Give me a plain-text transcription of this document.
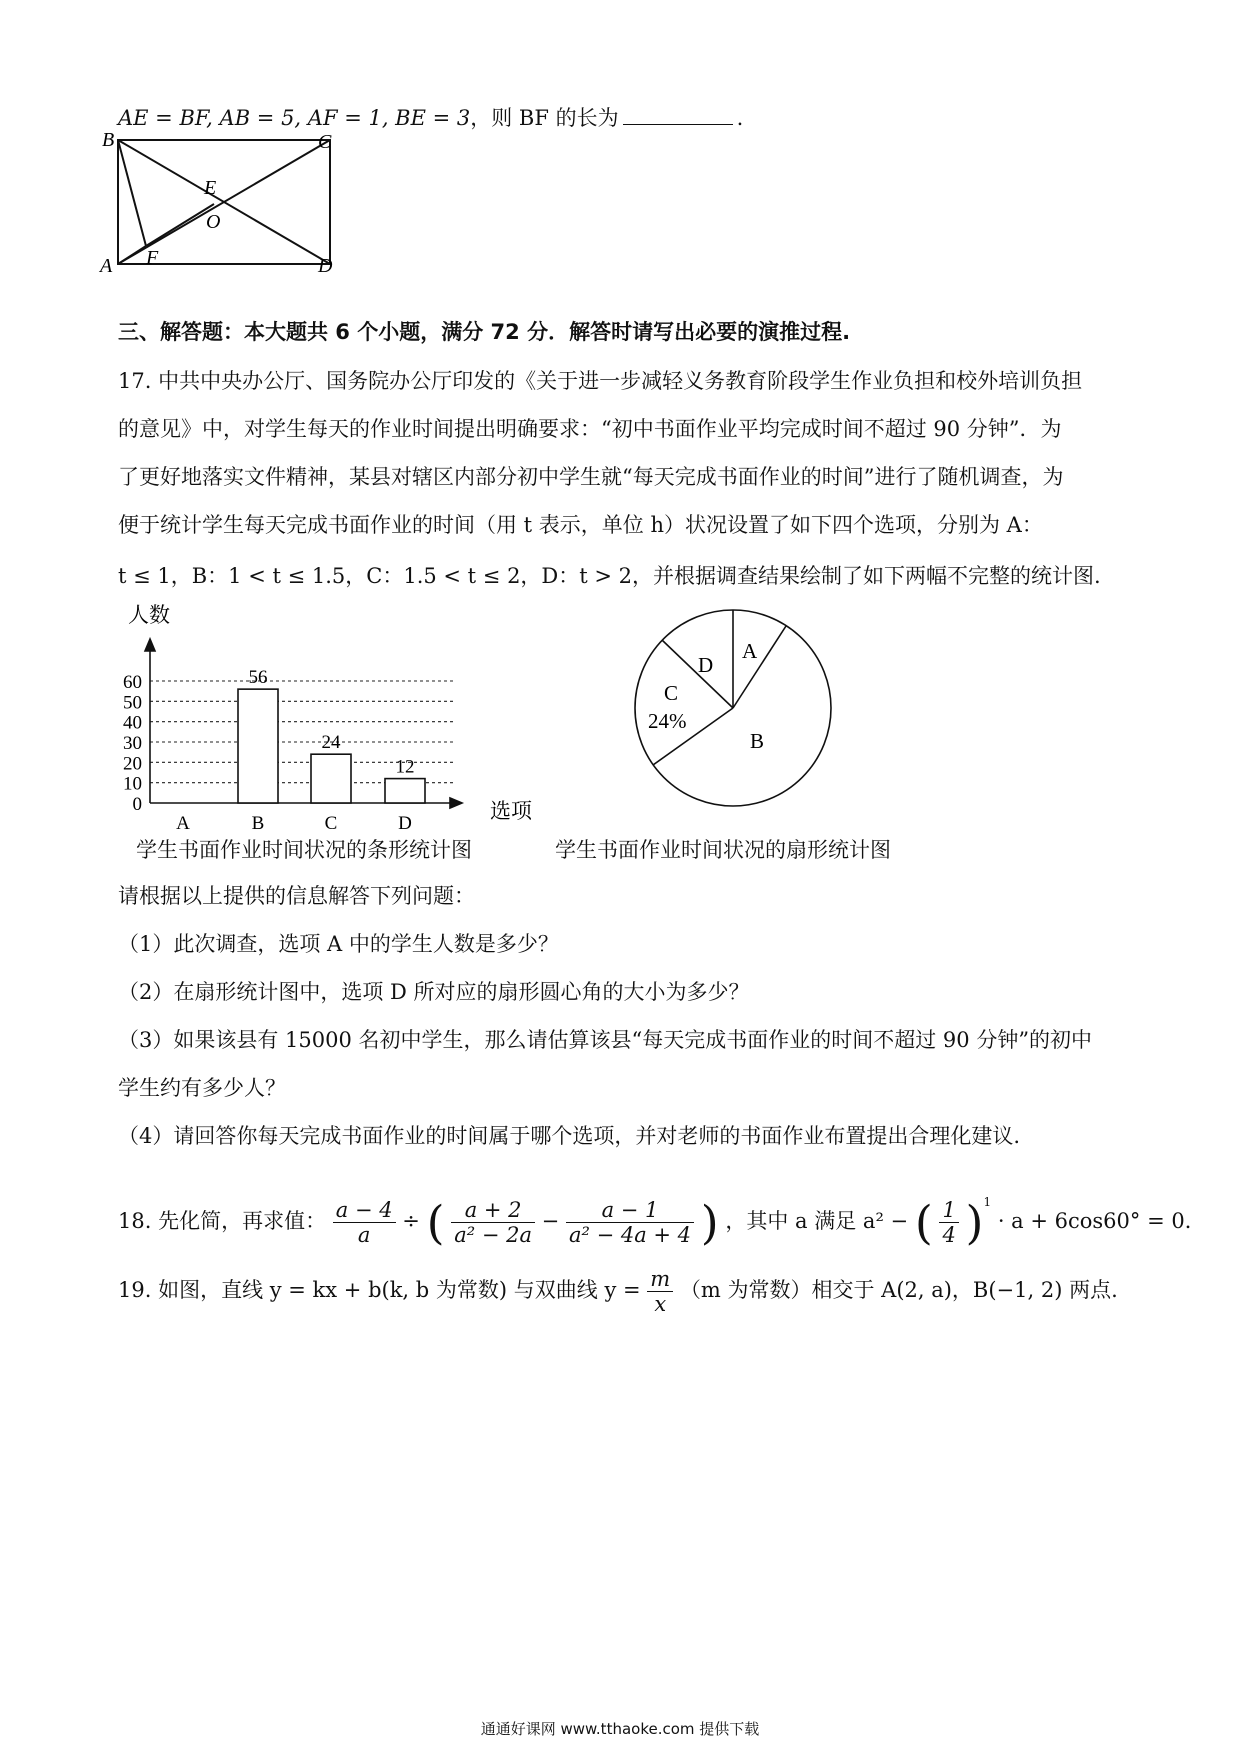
AE = BF, AB = 5, AF = 1, BE = 3，则 BF 的长为	.
B	C
A	D
E
O
F
三、解答题：本大题共 6 个小题，满分 72 分．解答时请写出必要的演推过程.
17. 中共中央办公厅、国务院办公厅印发的《关于进一步减轻义务教育阶段学生作业负担和校外培训负担
的意见》中，对学生每天的作业时间提出明确要求：“初中书面作业平均完成时间不超过 90 分钟”．为
了更好地落实文件精神，某县对辖区内部分初中学生就“每天完成书面作业的时间”进行了随机调查，为
便于统计学生每天完成书面作业的时间（用 t 表示，单位 h）状况设置了如下四个选项，分别为 A：
t ≤ 1，B：1 < t ≤ 1.5，C：1.5 < t ≤ 2，D：t > 2，并根据调查结果绘制了如下两幅不完整的统计图.
0
10
20
30
40
50
60	56
24
12
A	B	C	D
人数
选项
学生书面作业时间状况的条形统计图
A
B
C
24%
D
学生书面作业时间状况的扇形统计图
请根据以上提供的信息解答下列问题：
（1）此次调查，选项 A 中的学生人数是多少？
（2）在扇形统计图中，选项 D 所对应的扇形圆心角的大小为多少？
（3）如果该县有 15000 名初中学生，那么请估算该县“每天完成书面作业的时间不超过 90 分钟”的初中
学生约有多少人？
（4）请回答你每天完成书面作业的时间属于哪个选项，并对老师的书面作业布置提出合理化建议.
18. 先化简，再求值： $\frac{a - 4}{a}$ ÷ ( $\frac{a + 2}{\text{a² − 2a}} - \frac{a - 1}{\text{a² − 4a + 4}}$ ) ，其中 a 满足 a² − ( $\frac{1}{4} )^1 \cdot a + 6\cos 60^\circ = 0$．
19. 如图，直线 y = kx + b(k, b 为常数) 与双曲线 $y = \frac{m}{x} (m$ 为常数）相交于 A(2, a)，B(−1, 2) 两点.
通通好课网 www.tthaoke.com 提供下载
